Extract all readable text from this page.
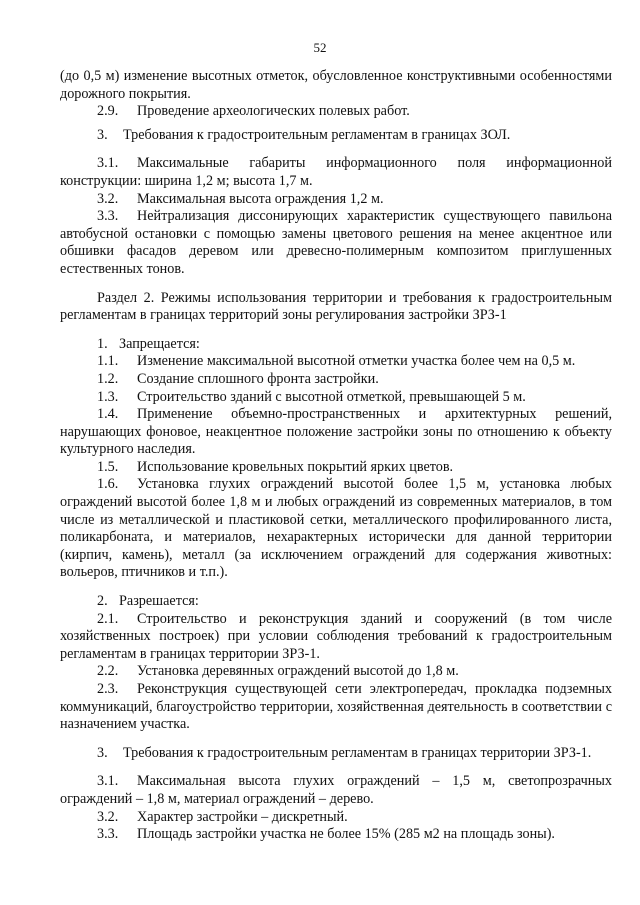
52

(до 0,5 м) изменение высотных отметок, обусловленное конструктивными особенностями дорожного покрытия.

2.9. Проведение археологических полевых работ.

3. Требования к градостроительным регламентам в границах ЗОЛ.

3.1. Максимальные габариты информационного поля информационной конструкции: ширина 1,2 м; высота 1,7 м.

3.2. Максимальная высота ограждения 1,2 м.

3.3. Нейтрализация диссонирующих характеристик существующего павильона автобусной остановки с помощью замены цветового решения на менее акцентное или обшивки фасадов деревом или древесно-полимерным композитом приглушенных естественных тонов.

Раздел 2. Режимы использования территории и требования к градостроительным регламентам в границах территорий зоны регулирования застройки ЗРЗ-1

1. Запрещается:

1.1. Изменение максимальной высотной отметки участка более чем на 0,5 м.

1.2. Создание сплошного фронта застройки.

1.3. Строительство зданий с высотной отметкой, превышающей 5 м.

1.4. Применение объемно-пространственных и архитектурных решений, нарушающих фоновое, неакцентное положение застройки зоны по отношению к объекту культурного наследия.

1.5. Использование кровельных покрытий ярких цветов.

1.6. Установка глухих ограждений высотой более 1,5 м, установка любых ограждений высотой более 1,8 м и любых ограждений из современных материалов, в том числе из металлической и пластиковой сетки, металлического профилированного листа, поликарбоната, и материалов, нехарактерных исторически для данной территории (кирпич, камень), металл (за исключением ограждений для содержания животных: вольеров, птичников и т.п.).

2. Разрешается:

2.1. Строительство и реконструкция зданий и сооружений (в том числе хозяйственных построек) при условии соблюдения требований к градостроительным регламентам в границах территории ЗРЗ-1.

2.2. Установка деревянных ограждений высотой до 1,8 м.

2.3. Реконструкция существующей сети электропередач, прокладка подземных коммуникаций, благоустройство территории, хозяйственная деятельность в соответствии с назначением участка.

3. Требования к градостроительным регламентам в границах территории ЗРЗ-1.

3.1. Максимальная высота глухих ограждений – 1,5 м, светопрозрачных ограждений – 1,8 м, материал ограждений – дерево.

3.2. Характер застройки – дискретный.

3.3. Площадь застройки участка не более 15% (285 м2 на площадь зоны).
